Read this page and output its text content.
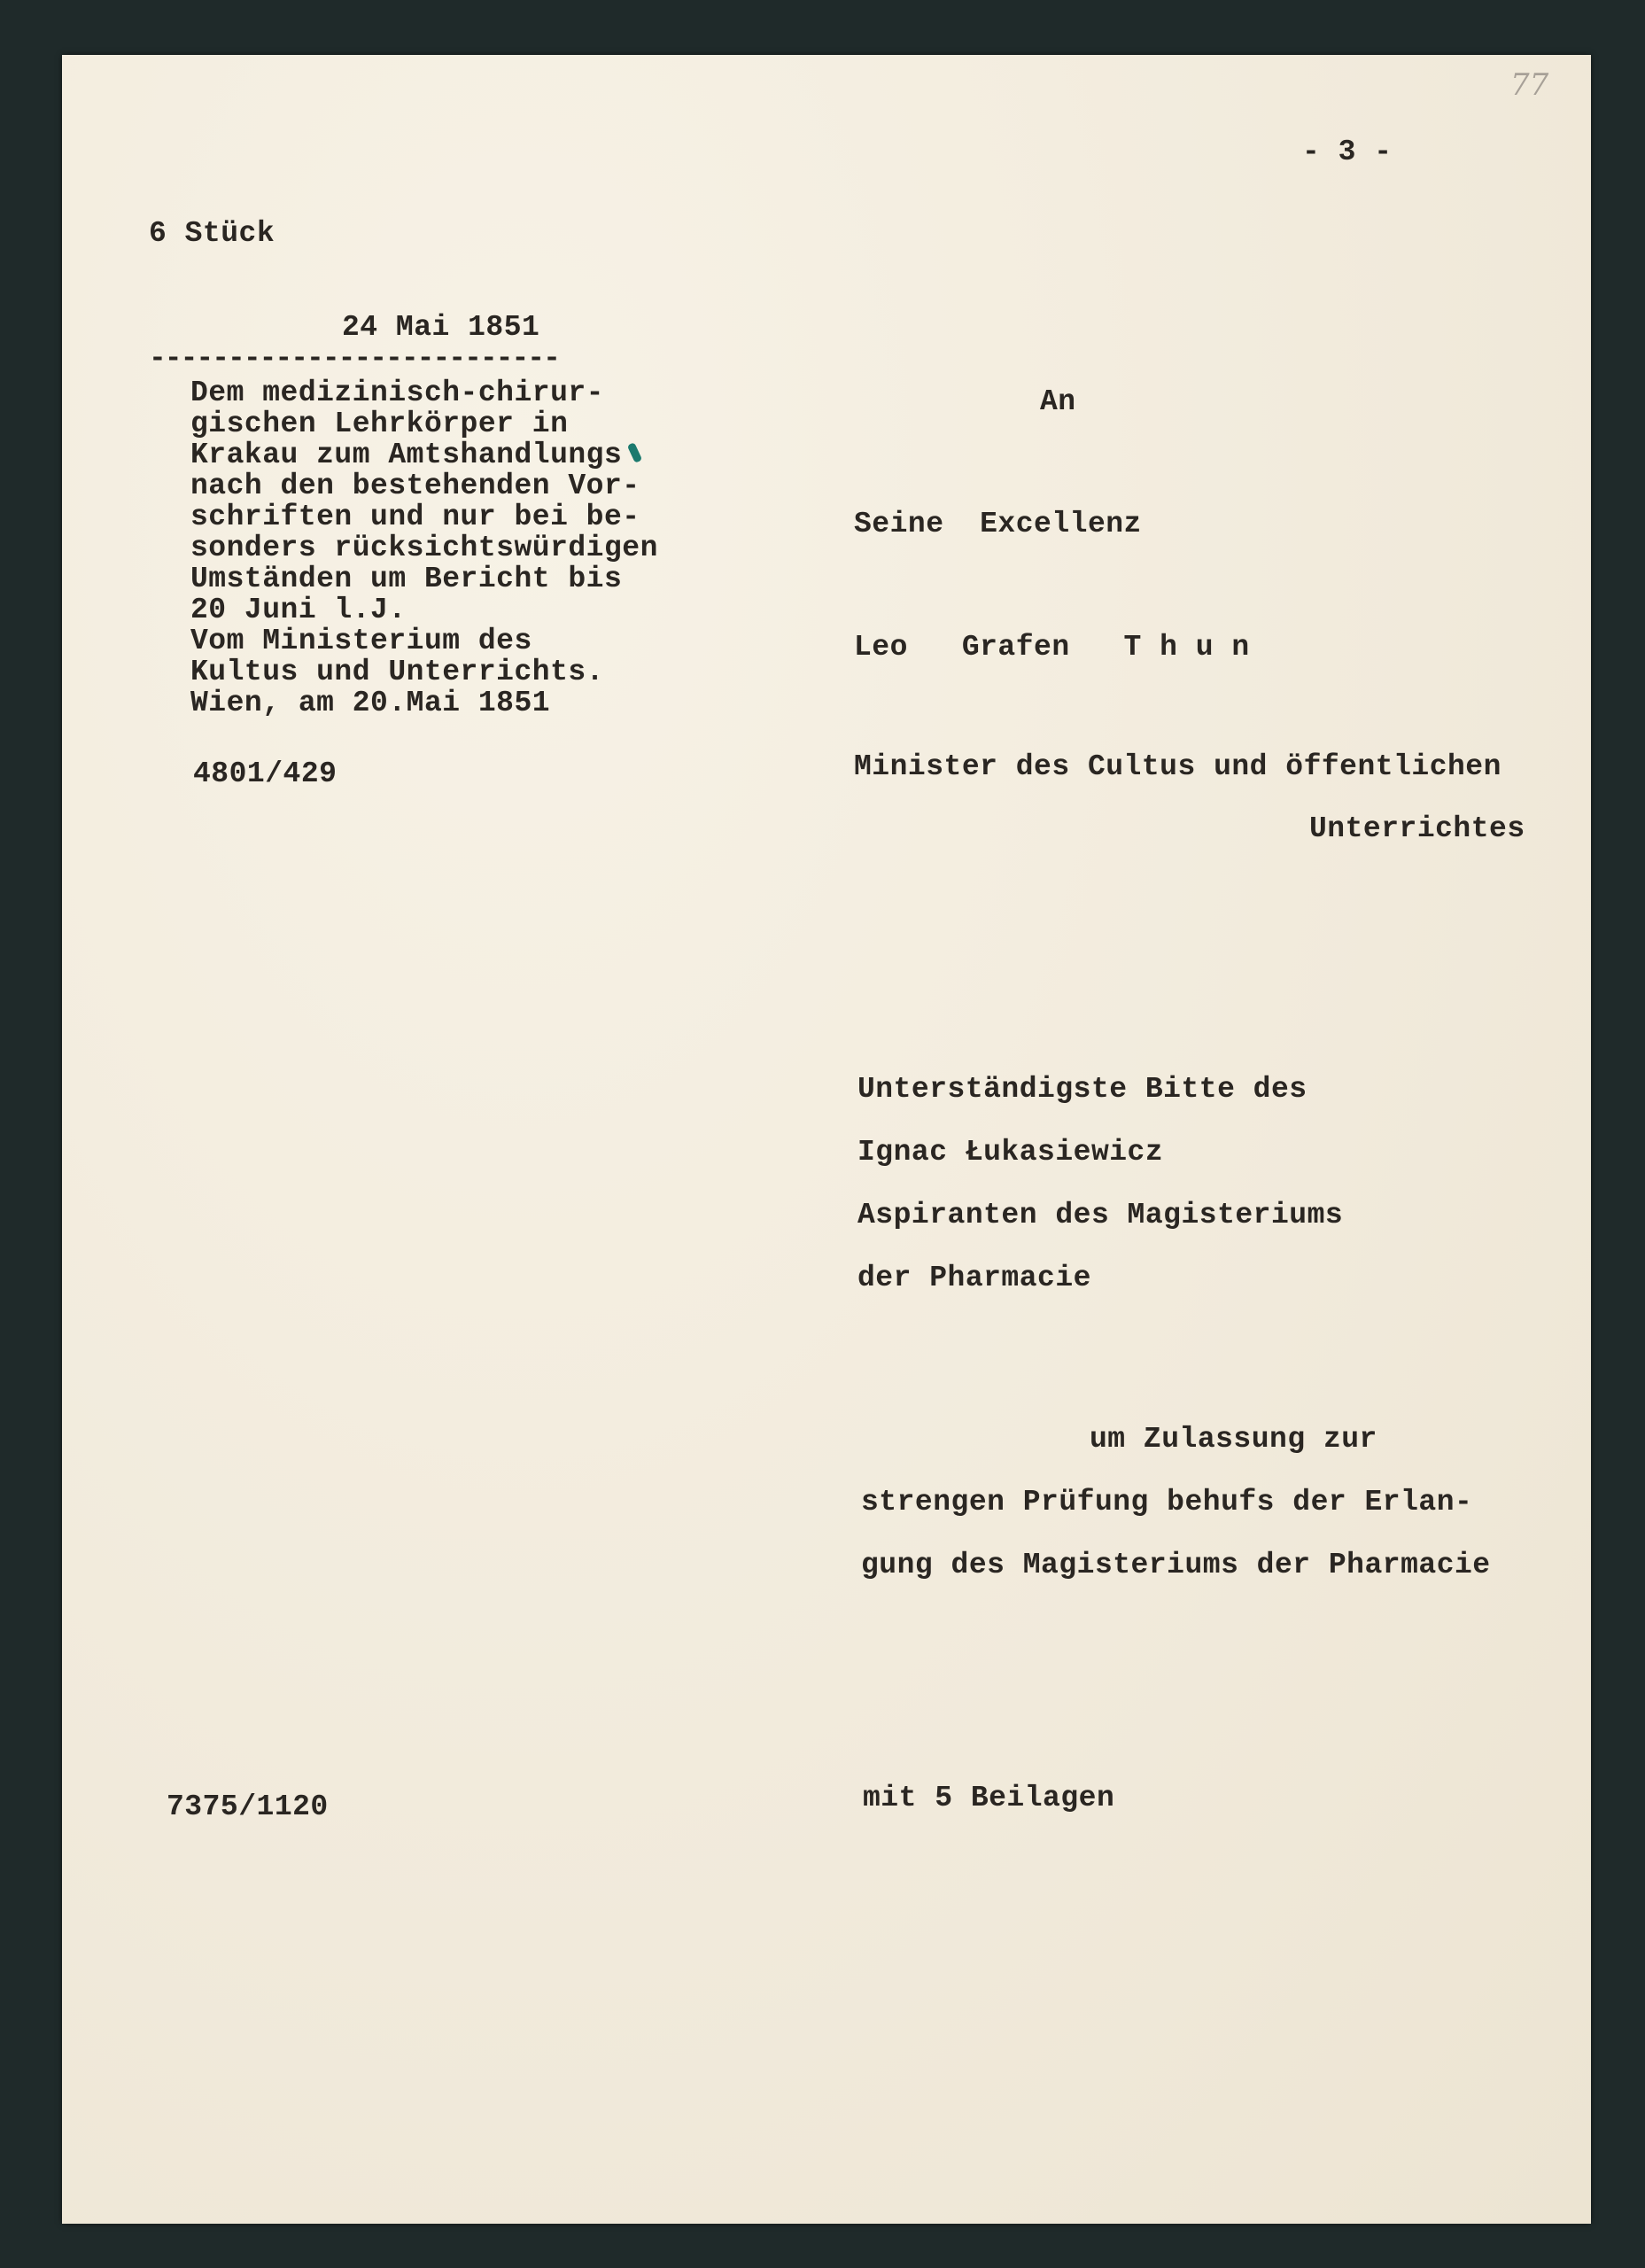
77
- 3 -
6 Stück
24 Mai 1851
--------------------------
Dem medizinisch-chirur-
gischen Lehrkörper in
Krakau zum Amtshandlungs
nach den bestehenden Vor-
schriften und nur bei be-
sonders rücksichtswürdigen
Umständen um Bericht bis
20 Juni l.J.
Vom Ministerium des
Kultus und Unterrichts.
Wien, am 20.Mai 1851
4801/429
7375/1120
An
Seine  Excellenz
Leo   Grafen   T h u n
Minister des Cultus und öffentlichen
Unterrichtes
Unterständigste Bitte des
Ignac Łukasiewicz
Aspiranten des Magisteriums
der Pharmacie
um Zulassung zur
strengen Prüfung behufs der Erlan-
gung des Magisteriums der Pharmacie
mit 5 Beilagen
